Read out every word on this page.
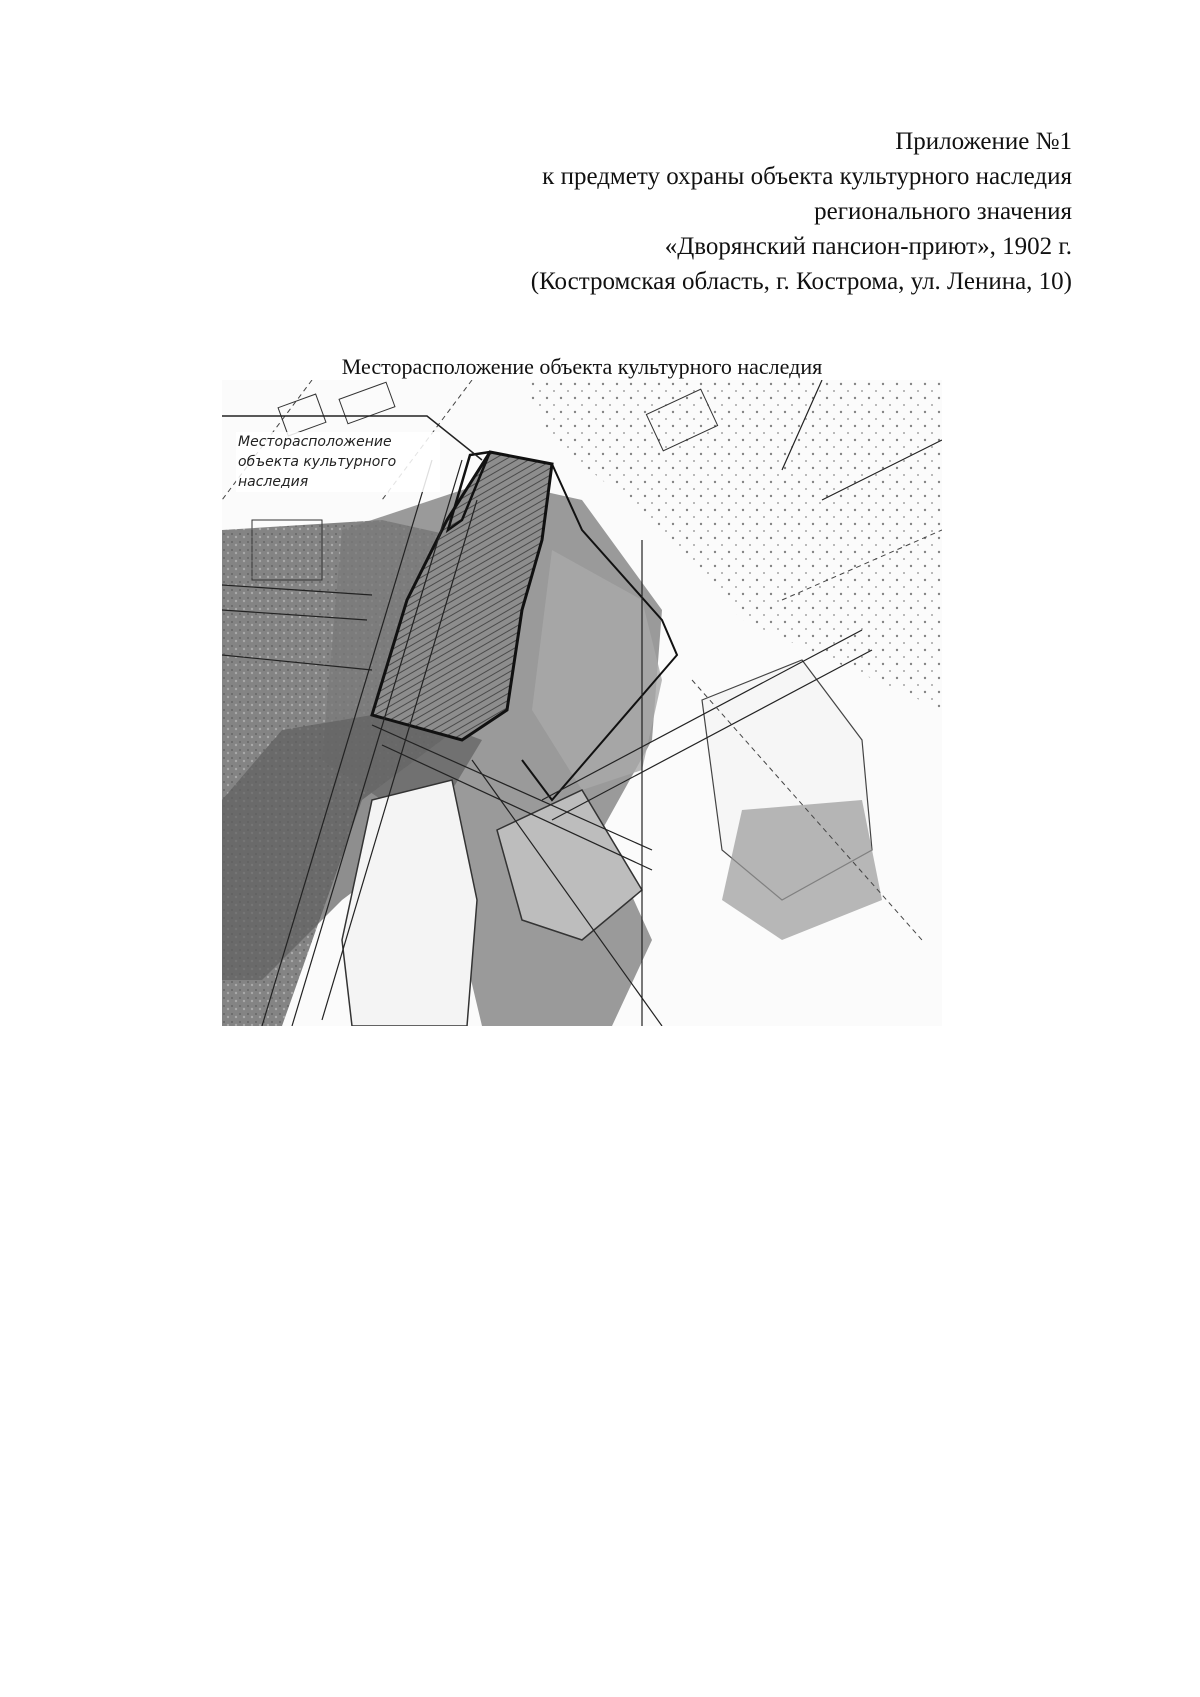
Приложение №1
к предмету охраны объекта культурного наследия
регионального значения
«Дворянский пансион-приют», 1902 г.
(Костромская область, г. Кострома, ул. Ленина, 10)
Месторасположение объекта культурного наследия
Месторасположение
объекта культурного
наследия
